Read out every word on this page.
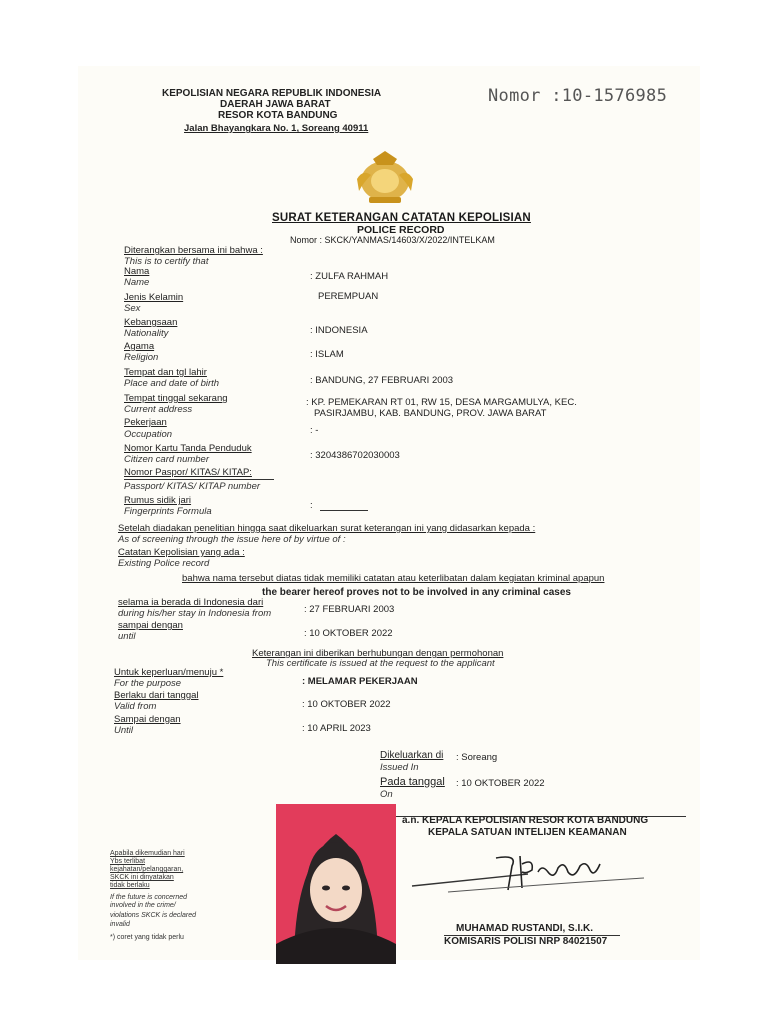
KEPOLISIAN NEGARA REPUBLIK INDONESIA
DAERAH JAWA BARAT
RESOR KOTA BANDUNG
Jalan Bhayangkara No. 1, Soreang 40911
Nomor :10-1576985
SURAT KETERANGAN CATATAN KEPOLISIAN
POLICE RECORD
Nomor : SKCK/YANMAS/14603/X/2022/INTELKAM
Diterangkan bersama ini bahwa :
This is to certify that
Nama
Name
: ZULFA RAHMAH
Jenis Kelamin
Sex
PEREMPUAN
Kebangsaan
Nationality	: INDONESIA
Agama
Religion	: ISLAM
Tempat dan tgl lahir
Place and date of birth	: BANDUNG, 27 FEBRUARI 2003
Tempat tinggal sekarang
Current address
: KP. PEMEKARAN RT 01, RW 15, DESA MARGAMULYA, KEC.
PASIRJAMBU, KAB. BANDUNG, PROV. JAWA BARAT
Pekerjaan
Occupation	: -
Nomor Kartu Tanda Penduduk
Citizen card number	: 3204386702030003
Nomor Paspor/ KITAS/ KITAP:
Passport/ KITAS/ KITAP number
Rumus sidik jari
Fingerprints Formula
:
Setelah diadakan penelitian hingga saat dikeluarkan surat keterangan ini yang didasarkan kepada :
As of screening through the issue here of by virtue of :
Catatan Kepolisian yang ada :
Existing Police record
bahwa nama tersebut diatas tidak memiliki catatan atau keterlibatan dalam kegiatan kriminal apapun
the bearer hereof proves not to be involved in any criminal cases
selama ia berada di Indonesia dari
during his/her stay in Indonesia from	: 27 FEBRUARI 2003
sampai dengan
until	: 10 OKTOBER 2022
Keterangan ini diberikan berhubungan dengan permohonan
This certificate is issued at the request to the applicant
Untuk keperluan/menuju *
For the purpose	: MELAMAR PEKERJAAN
Berlaku dari tanggal
Valid from	: 10 OKTOBER 2022
Sampai dengan
Until	: 10 APRIL 2023
Dikeluarkan di
Issued In
: Soreang
Pada tanggal
On
: 10 OKTOBER 2022
a.n. KEPALA KEPOLISIAN RESOR KOTA BANDUNG
KEPALA SATUAN INTELIJEN KEAMANAN
MUHAMAD RUSTANDI, S.I.K.
KOMISARIS POLISI NRP 84021507
Apabila dikemudian hari
Ybs terlibat
kejahatan/pelanggaran,
SKCK ini dinyatakan
tidak berlaku
If the future is concerned
involved in the crime/
violations SKCK is declared
invalid
*) coret yang tidak perlu
